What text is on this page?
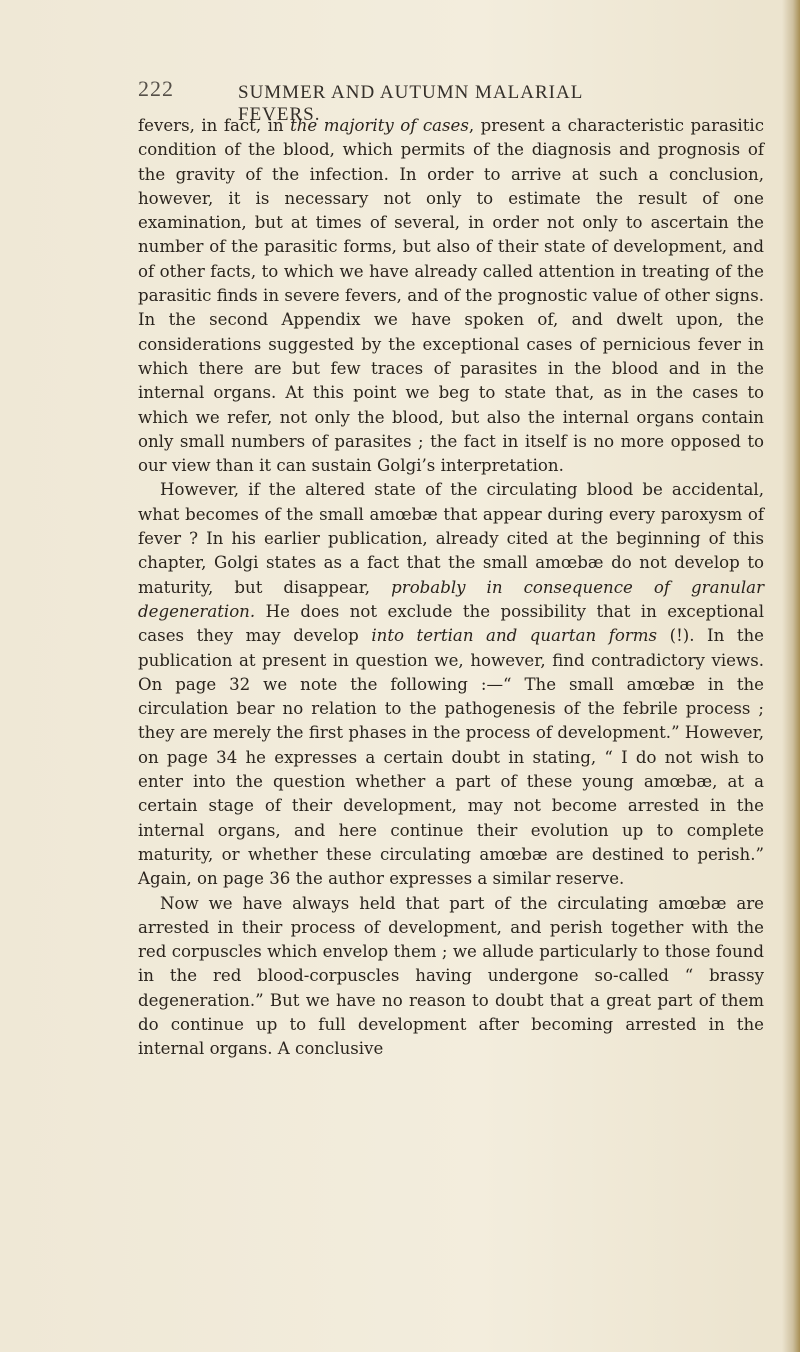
222	SUMMER AND AUTUMN MALARIAL FEVERS.

fevers, in fact, in the majority of cases, present a characteristic parasitic condition of the blood, which permits of the diagnosis and prognosis of the gravity of the infection. In order to arrive at such a conclusion, however, it is necessary not only to estimate the result of one examination, but at times of several, in order not only to ascertain the number of the parasitic forms, but also of their state of development, and of other facts, to which we have already called attention in treating of the parasitic finds in severe fevers, and of the prognostic value of other signs. In the second Appendix we have spoken of, and dwelt upon, the considerations suggested by the exceptional cases of pernicious fever in which there are but few traces of parasites in the blood and in the internal organs. At this point we beg to state that, as in the cases to which we refer, not only the blood, but also the internal organs contain only small numbers of parasites ; the fact in itself is no more opposed to our view than it can sustain Golgi’s interpretation.

However, if the altered state of the circulating blood be accidental, what becomes of the small amœbæ that appear during every paroxysm of fever ? In his earlier publication, already cited at the beginning of this chapter, Golgi states as a fact that the small amœbæ do not develop to maturity, but disappear, probably in consequence of granular degeneration. He does not exclude the possibility that in exceptional cases they may develop into tertian and quartan forms (!). In the publication at present in question we, however, find contradictory views. On page 32 we note the following :—“ The small amœbæ in the circulation bear no relation to the pathogenesis of the febrile process ; they are merely the first phases in the process of development.” However, on page 34 he expresses a certain doubt in stating, “ I do not wish to enter into the question whether a part of these young amœbæ, at a certain stage of their development, may not become arrested in the internal organs, and here continue their evolution up to complete maturity, or whether these circulating amœbæ are destined to perish.” Again, on page 36 the author expresses a similar reserve.

Now we have always held that part of the circulating amœbæ are arrested in their process of development, and perish together with the red corpuscles which envelop them ; we allude particularly to those found in the red blood-corpuscles having undergone so-called “ brassy degeneration.” But we have no reason to doubt that a great part of them do continue up to full development after becoming arrested in the internal organs. A conclusive
